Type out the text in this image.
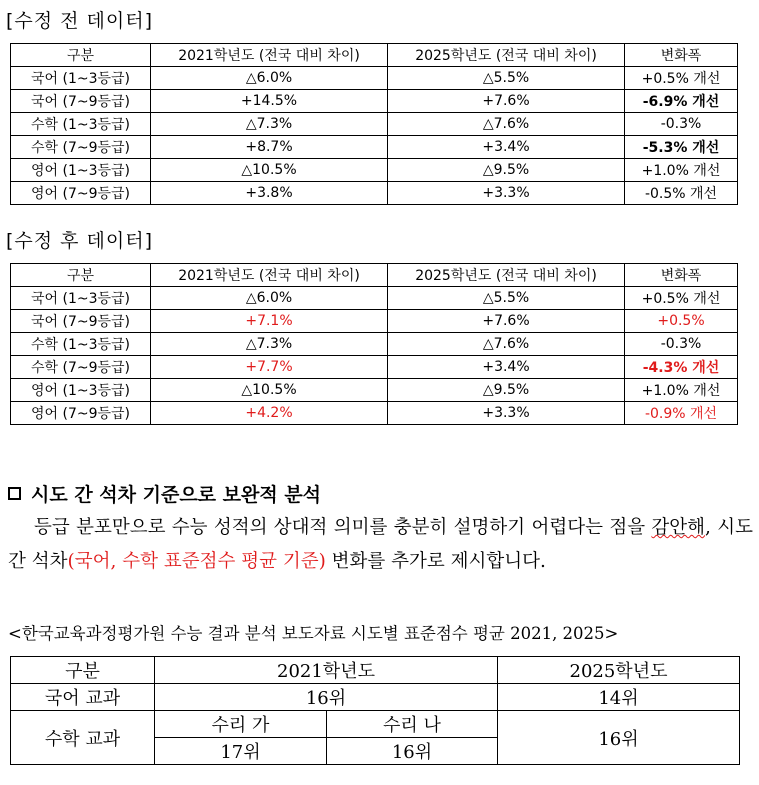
[수정 전 데이터]
구분	2021학년도 (전국 대비 차이)	2025학년도 (전국 대비 차이)	변화폭
국어 (1~3등급)	△6.0%	△5.5%	+0.5% 개선
국어 (7~9등급)	+14.5%	+7.6%	-6.9% 개선
수학 (1~3등급)	△7.3%	△7.6%	-0.3%
수학 (7~9등급)	+8.7%	+3.4%	-5.3% 개선
영어 (1~3등급)	△10.5%	△9.5%	+1.0% 개선
영어 (7~9등급)	+3.8%	+3.3%	-0.5% 개선
[수정 후 데이터]
구분	2021학년도 (전국 대비 차이)	2025학년도 (전국 대비 차이)	변화폭
국어 (1~3등급)	△6.0%	△5.5%	+0.5% 개선
국어 (7~9등급)	+7.1%	+7.6%	+0.5%
수학 (1~3등급)	△7.3%	△7.6%	-0.3%
수학 (7~9등급)	+7.7%	+3.4%	-4.3% 개선
영어 (1~3등급)	△10.5%	△9.5%	+1.0% 개선
영어 (7~9등급)	+4.2%	+3.3%	-0.9% 개선
시도 간 석차 기준으로 보완적 분석
등급 분포만으로 수능 성적의 상대적 의미를 충분히 설명하기 어렵다는 점을 감안해, 시도 간 석차(국어, 수학 표준점수 평균 기준) 변화를 추가로 제시합니다.
<한국교육과정평가원 수능 결과 분석 보도자료 시도별 표준점수 평균 2021, 2025>
구분	2021학년도		2025학년도
국어 교과	16위		14위
수학 교과	수리 가	수리 나	16위
	17위	16위	
